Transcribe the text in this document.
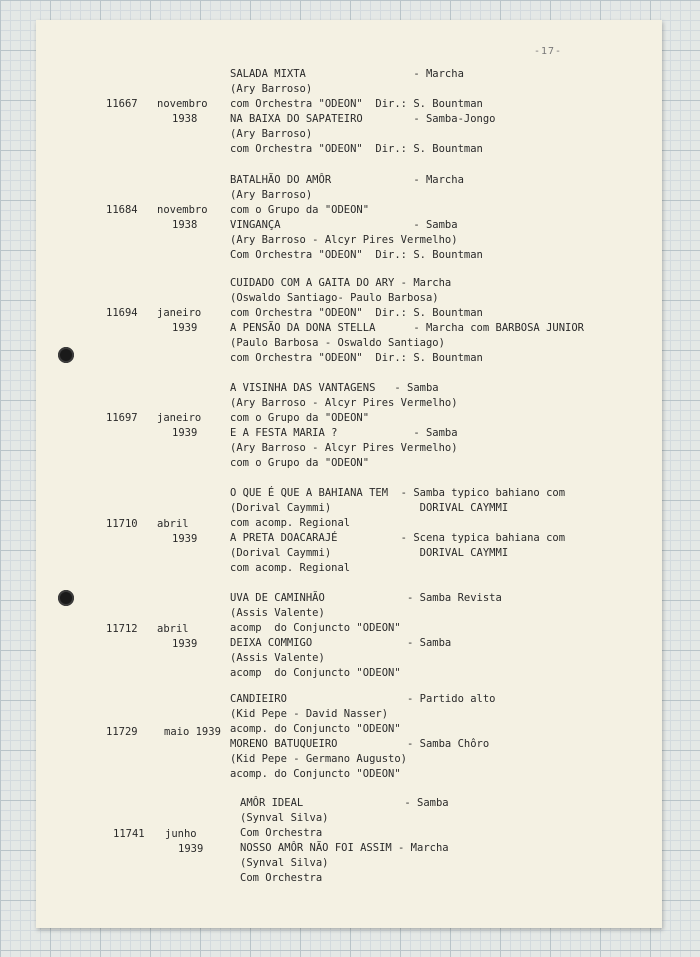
-17-
11667 novembro
1938
SALADA MIXTA                 - Marcha
(Ary Barroso)
com Orchestra "ODEON"  Dir.: S. Bountman
NA BAIXA DO SAPATEIRO        - Samba-Jongo
(Ary Barroso)
com Orchestra "ODEON"  Dir.: S. Bountman
11684 novembro
1938
BATALHÃO DO AMÔR             - Marcha
(Ary Barroso)
com o Grupo da "ODEON"
VINGANÇA                     - Samba
(Ary Barroso - Alcyr Pires Vermelho)
Com Orchestra "ODEON"  Dir.: S. Bountman
11694 janeiro
1939
CUIDADO COM A GAITA DO ARY - Marcha
(Oswaldo Santiago- Paulo Barbosa)
com Orchestra "ODEON"  Dir.: S. Bountman
A PENSÃO DA DONA STELLA      - Marcha com BARBOSA JUNIOR
(Paulo Barbosa - Oswaldo Santiago)
com Orchestra "ODEON"  Dir.: S. Bountman
11697 janeiro
1939
A VISINHA DAS VANTAGENS   - Samba
(Ary Barroso - Alcyr Pires Vermelho)
com o Grupo da "ODEON"
E A FESTA MARIA ?            - Samba
(Ary Barroso - Alcyr Pires Vermelho)
com o Grupo da "ODEON"
11710 abril
1939
O QUE É QUE A BAHIANA TEM  - Samba typico bahiano com
(Dorival Caymmi)              DORIVAL CAYMMI
com acomp. Regional
A PRETA DOACARAJÉ          - Scena typica bahiana com
(Dorival Caymmi)              DORIVAL CAYMMI
com acomp. Regional
11712 abril
1939
UVA DE CAMINHÃO             - Samba Revista
(Assis Valente)
acomp  do Conjuncto "ODEON"
DEIXA COMMIGO               - Samba
(Assis Valente)
acomp  do Conjuncto "ODEON"
11729	maio 1939
CANDIEIRO                   - Partido alto
(Kid Pepe - David Nasser)
acomp. do Conjuncto "ODEON"
MORENO BATUQUEIRO           - Samba Chôro
(Kid Pepe - Germano Augusto)
acomp. do Conjuncto "ODEON"
11741 junho
1939
AMÔR IDEAL                - Samba
(Synval Silva)
Com Orchestra
NOSSO AMÔR NÃO FOI ASSIM - Marcha
(Synval Silva)
Com Orchestra
